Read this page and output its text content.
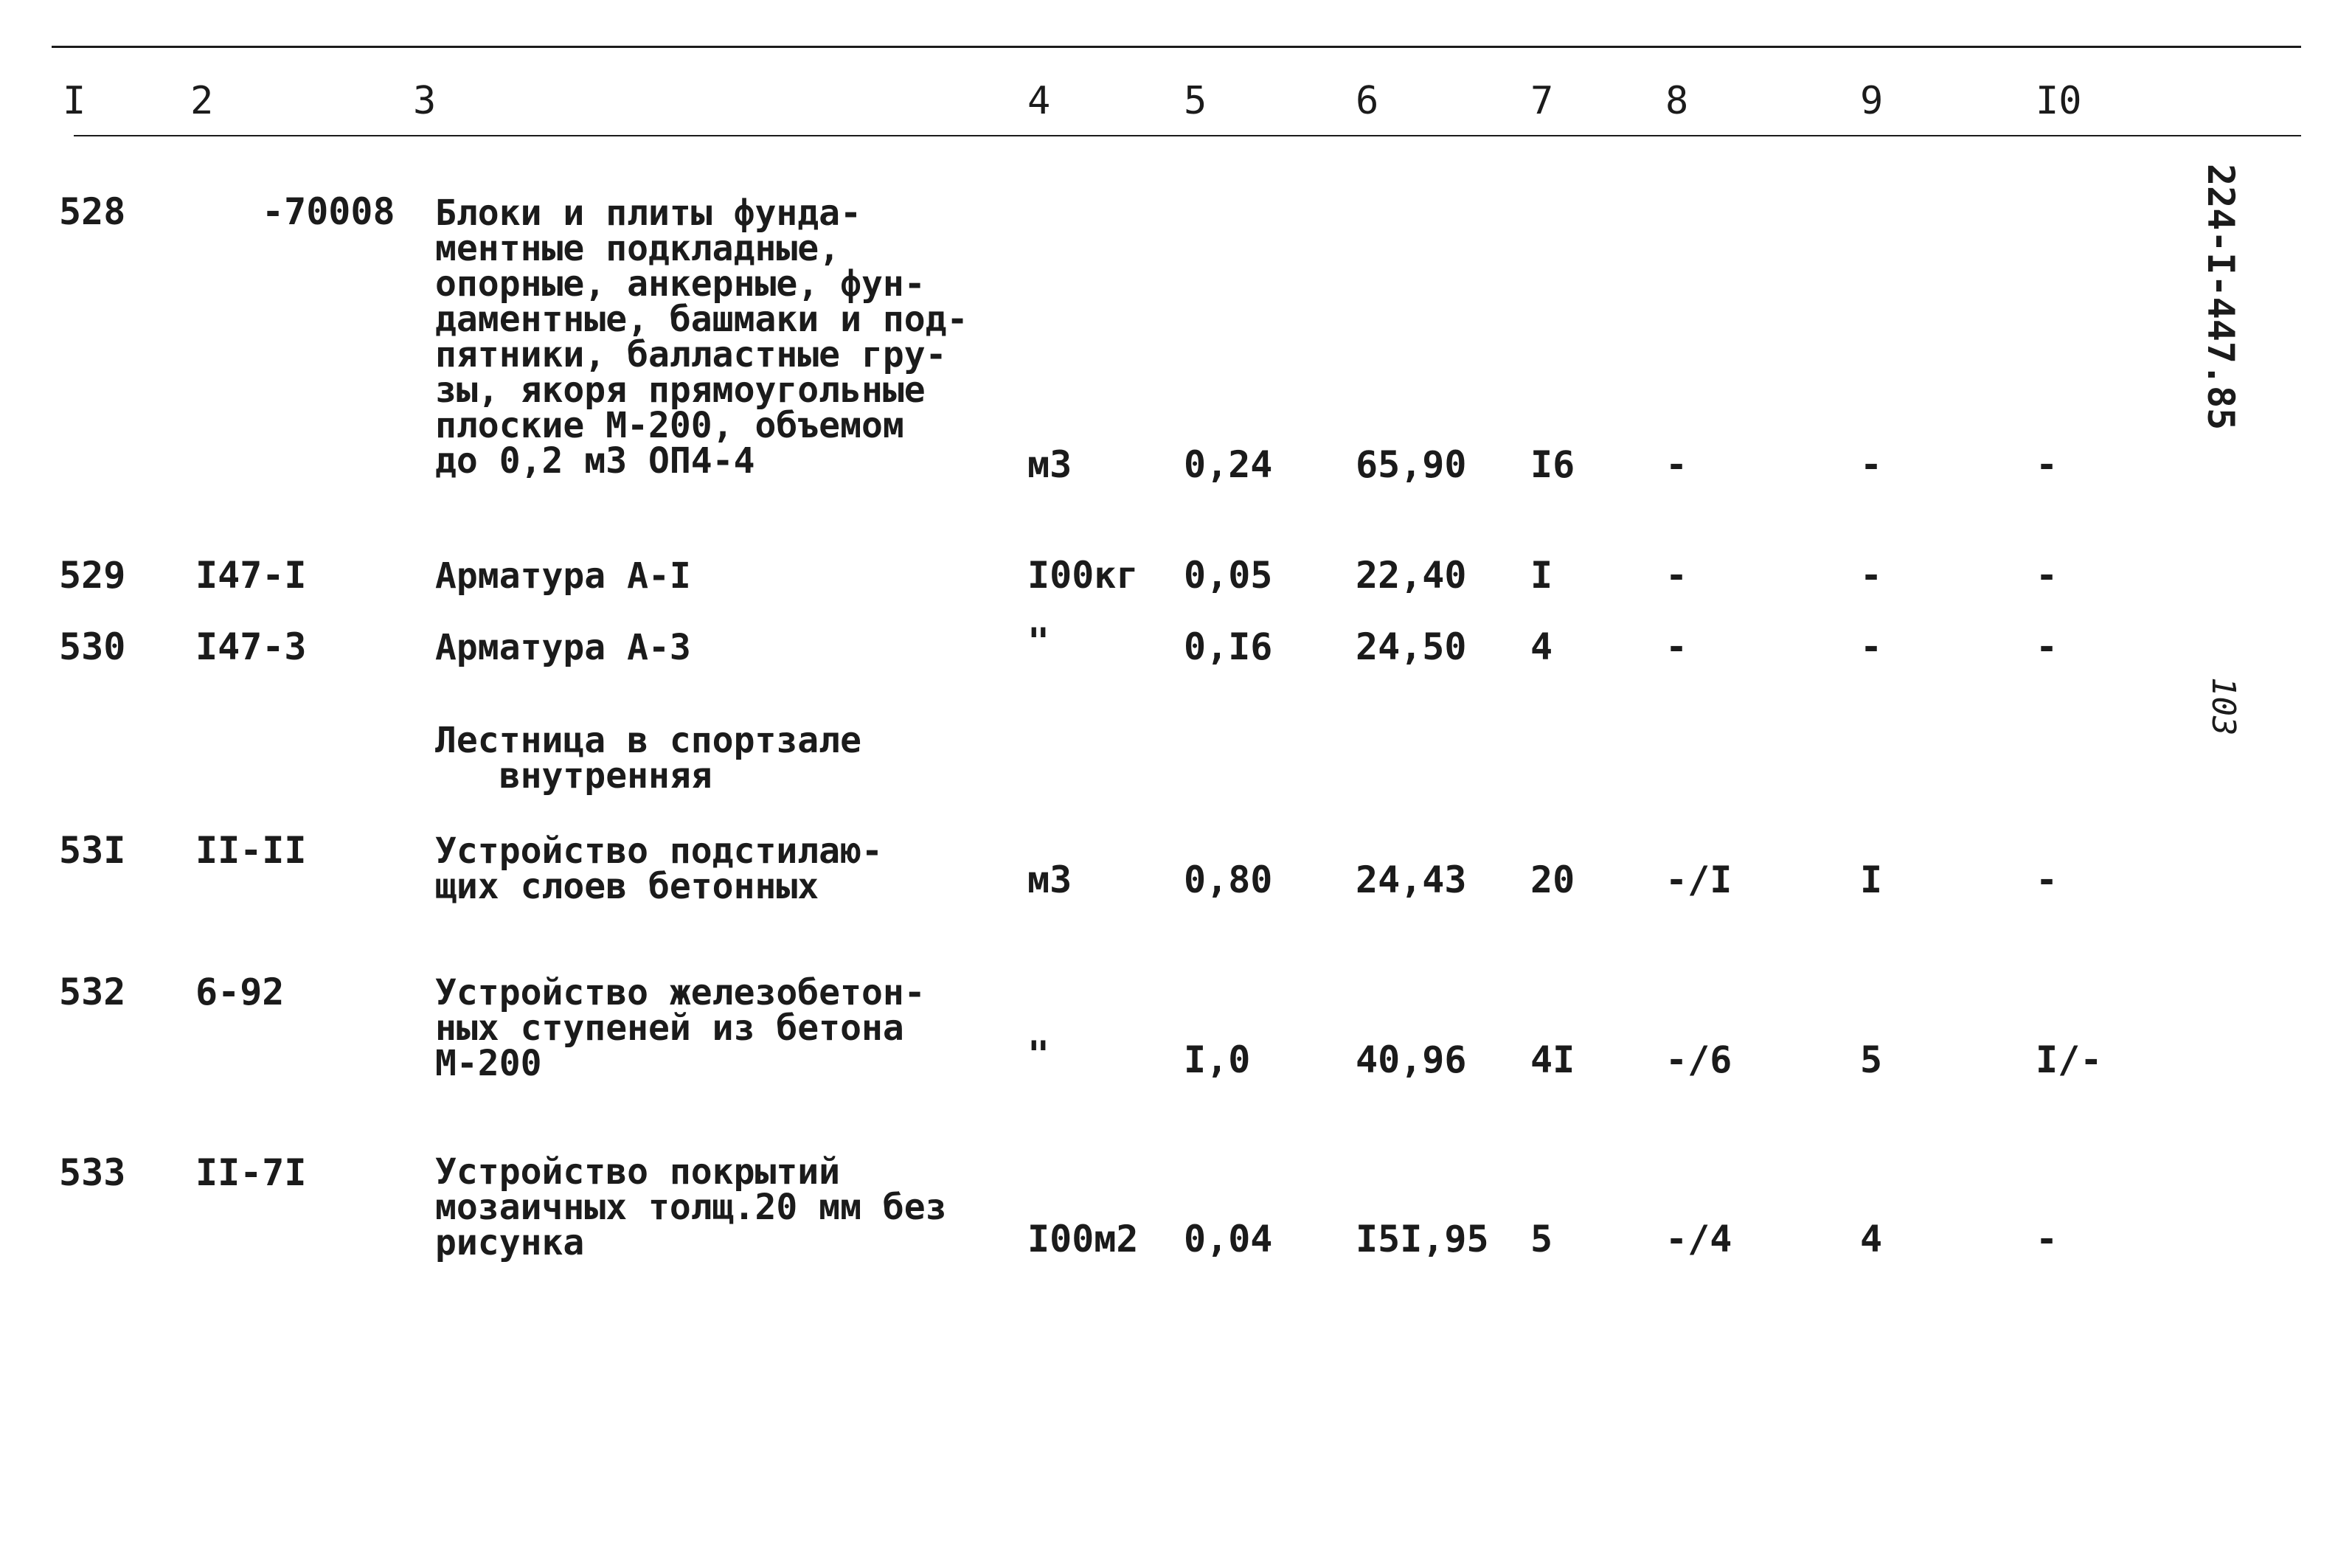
I	2	3	4	5	6	7	8	9	I0
224-I-447.85
103
528	-70008 Блоки и плиты фунда-
ментные подкладные,
опорные, анкерные, фун-
даментные, башмаки и под-
пятники, балластные гру-
зы, якоря прямоугольные
плоские М-200, объемом
до 0,2 м3 ОП4-4	м3	0,24 65,90 I6 -	-	-
529 I47-I	Арматура А-I	I00кг 0,05 22,40 I	-	-	-
530 I47-3	Арматура А-3	"	0,I6 24,50 4	-	-	-
Лестница в спортзале
внутренняя
53I II-II	Устройство подстилаю-
щих слоев бетонных	м3	0,80 24,43 20 -/I	I	-
532 6-92	Устройство железобетон-
ных ступеней из бетона
М-200	"	I,0	40,96 4I -/6	5	I/-
533 II-7I	Устройство покрытий
мозаичных толщ.20 мм без
рисунка	I00м2 0,04 I5I,95 5	-/4	4	-
